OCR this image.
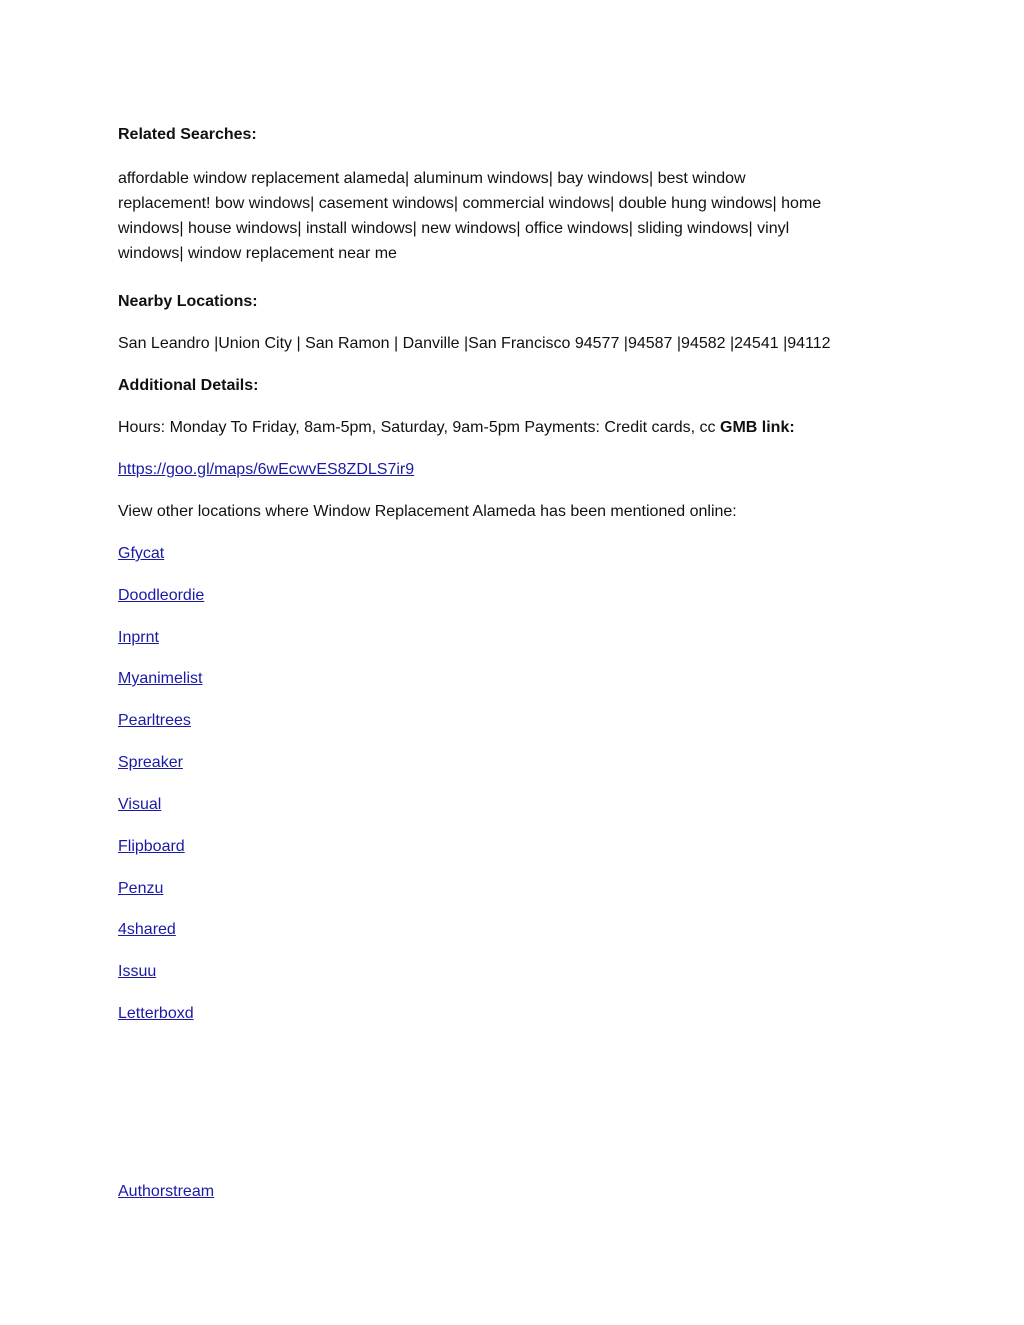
Related Searches:

affordable window replacement alameda| aluminum windows| bay windows| best window
replacement! bow windows| casement windows| commercial windows| double hung windows| home
windows| house windows| install windows| new windows| office windows| sliding windows| vinyl
windows| window replacement near me

Nearby Locations:

San Leandro |Union City | San Ramon | Danville |San Francisco 94577 |94587 |94582 |24541 |94112

Additional Details:

Hours: Monday To Friday, 8am-5pm, Saturday, 9am-5pm Payments: Credit cards, cc GMB link:

https://goo.gl/maps/6wEcwvES8ZDLS7ir9

View other locations where Window Replacement Alameda has been mentioned online:

Gfycat

Doodleordie

Inprnt

Myanimelist

Pearltrees

Spreaker

Visual

Flipboard

Penzu

4shared

Issuu

Letterboxd

Authorstream
